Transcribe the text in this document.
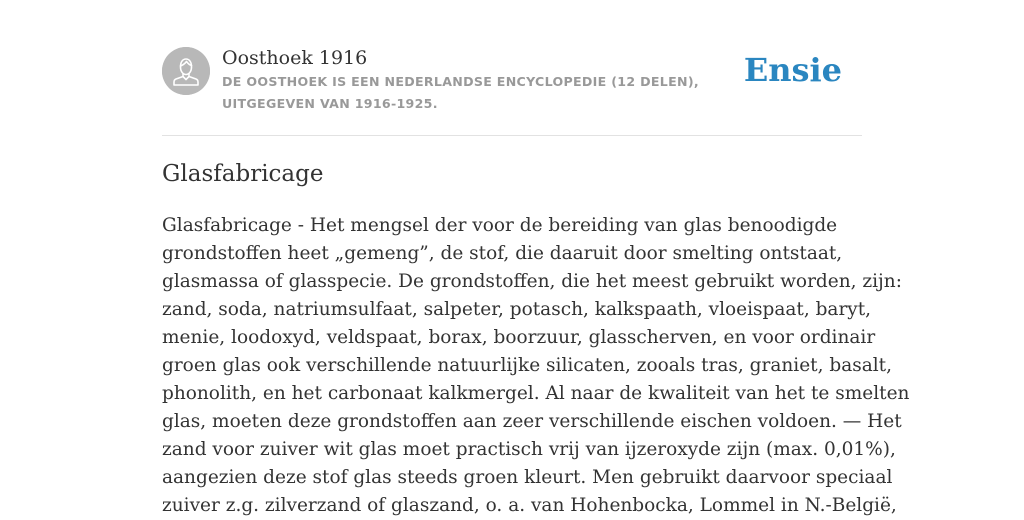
Oosthoek 1916

DE OOSTHOEK IS EEN NEDERLANDSE ENCYCLOPEDIE (12 DELEN), UITGEGEVEN VAN 1916-1925.

Ensie
Glasfabricage
Glasfabricage - Het mengsel der voor de bereiding van glas benoodigde
grondstoffen heet „gemeng”, de stof, die daaruit door smelting ontstaat,
glasmassa of glasspecie. De grondstoffen, die het meest gebruikt worden, zijn:
zand, soda, natriumsulfaat, salpeter, potasch, kalkspaath, vloeispaat, baryt,
menie, loodoxyd, veldspaat, borax, boorzuur, glasscherven, en voor ordinair
groen glas ook verschillende natuurlijke silicaten, zooals tras, graniet, basalt,
phonolith, en het carbonaat kalkmergel. Al naar de kwaliteit van het te smelten
glas, moeten deze grondstoffen aan zeer verschillende eischen voldoen. — Het
zand voor zuiver wit glas moet practisch vrij van ijzeroxyde zijn (max. 0,01%),
aangezien deze stof glas steeds groen kleurt. Men gebruikt daarvoor speciaal
zuiver z.g. zilverzand of glaszand, o. a. van Hohenbocka, Lommel in N.-België,
